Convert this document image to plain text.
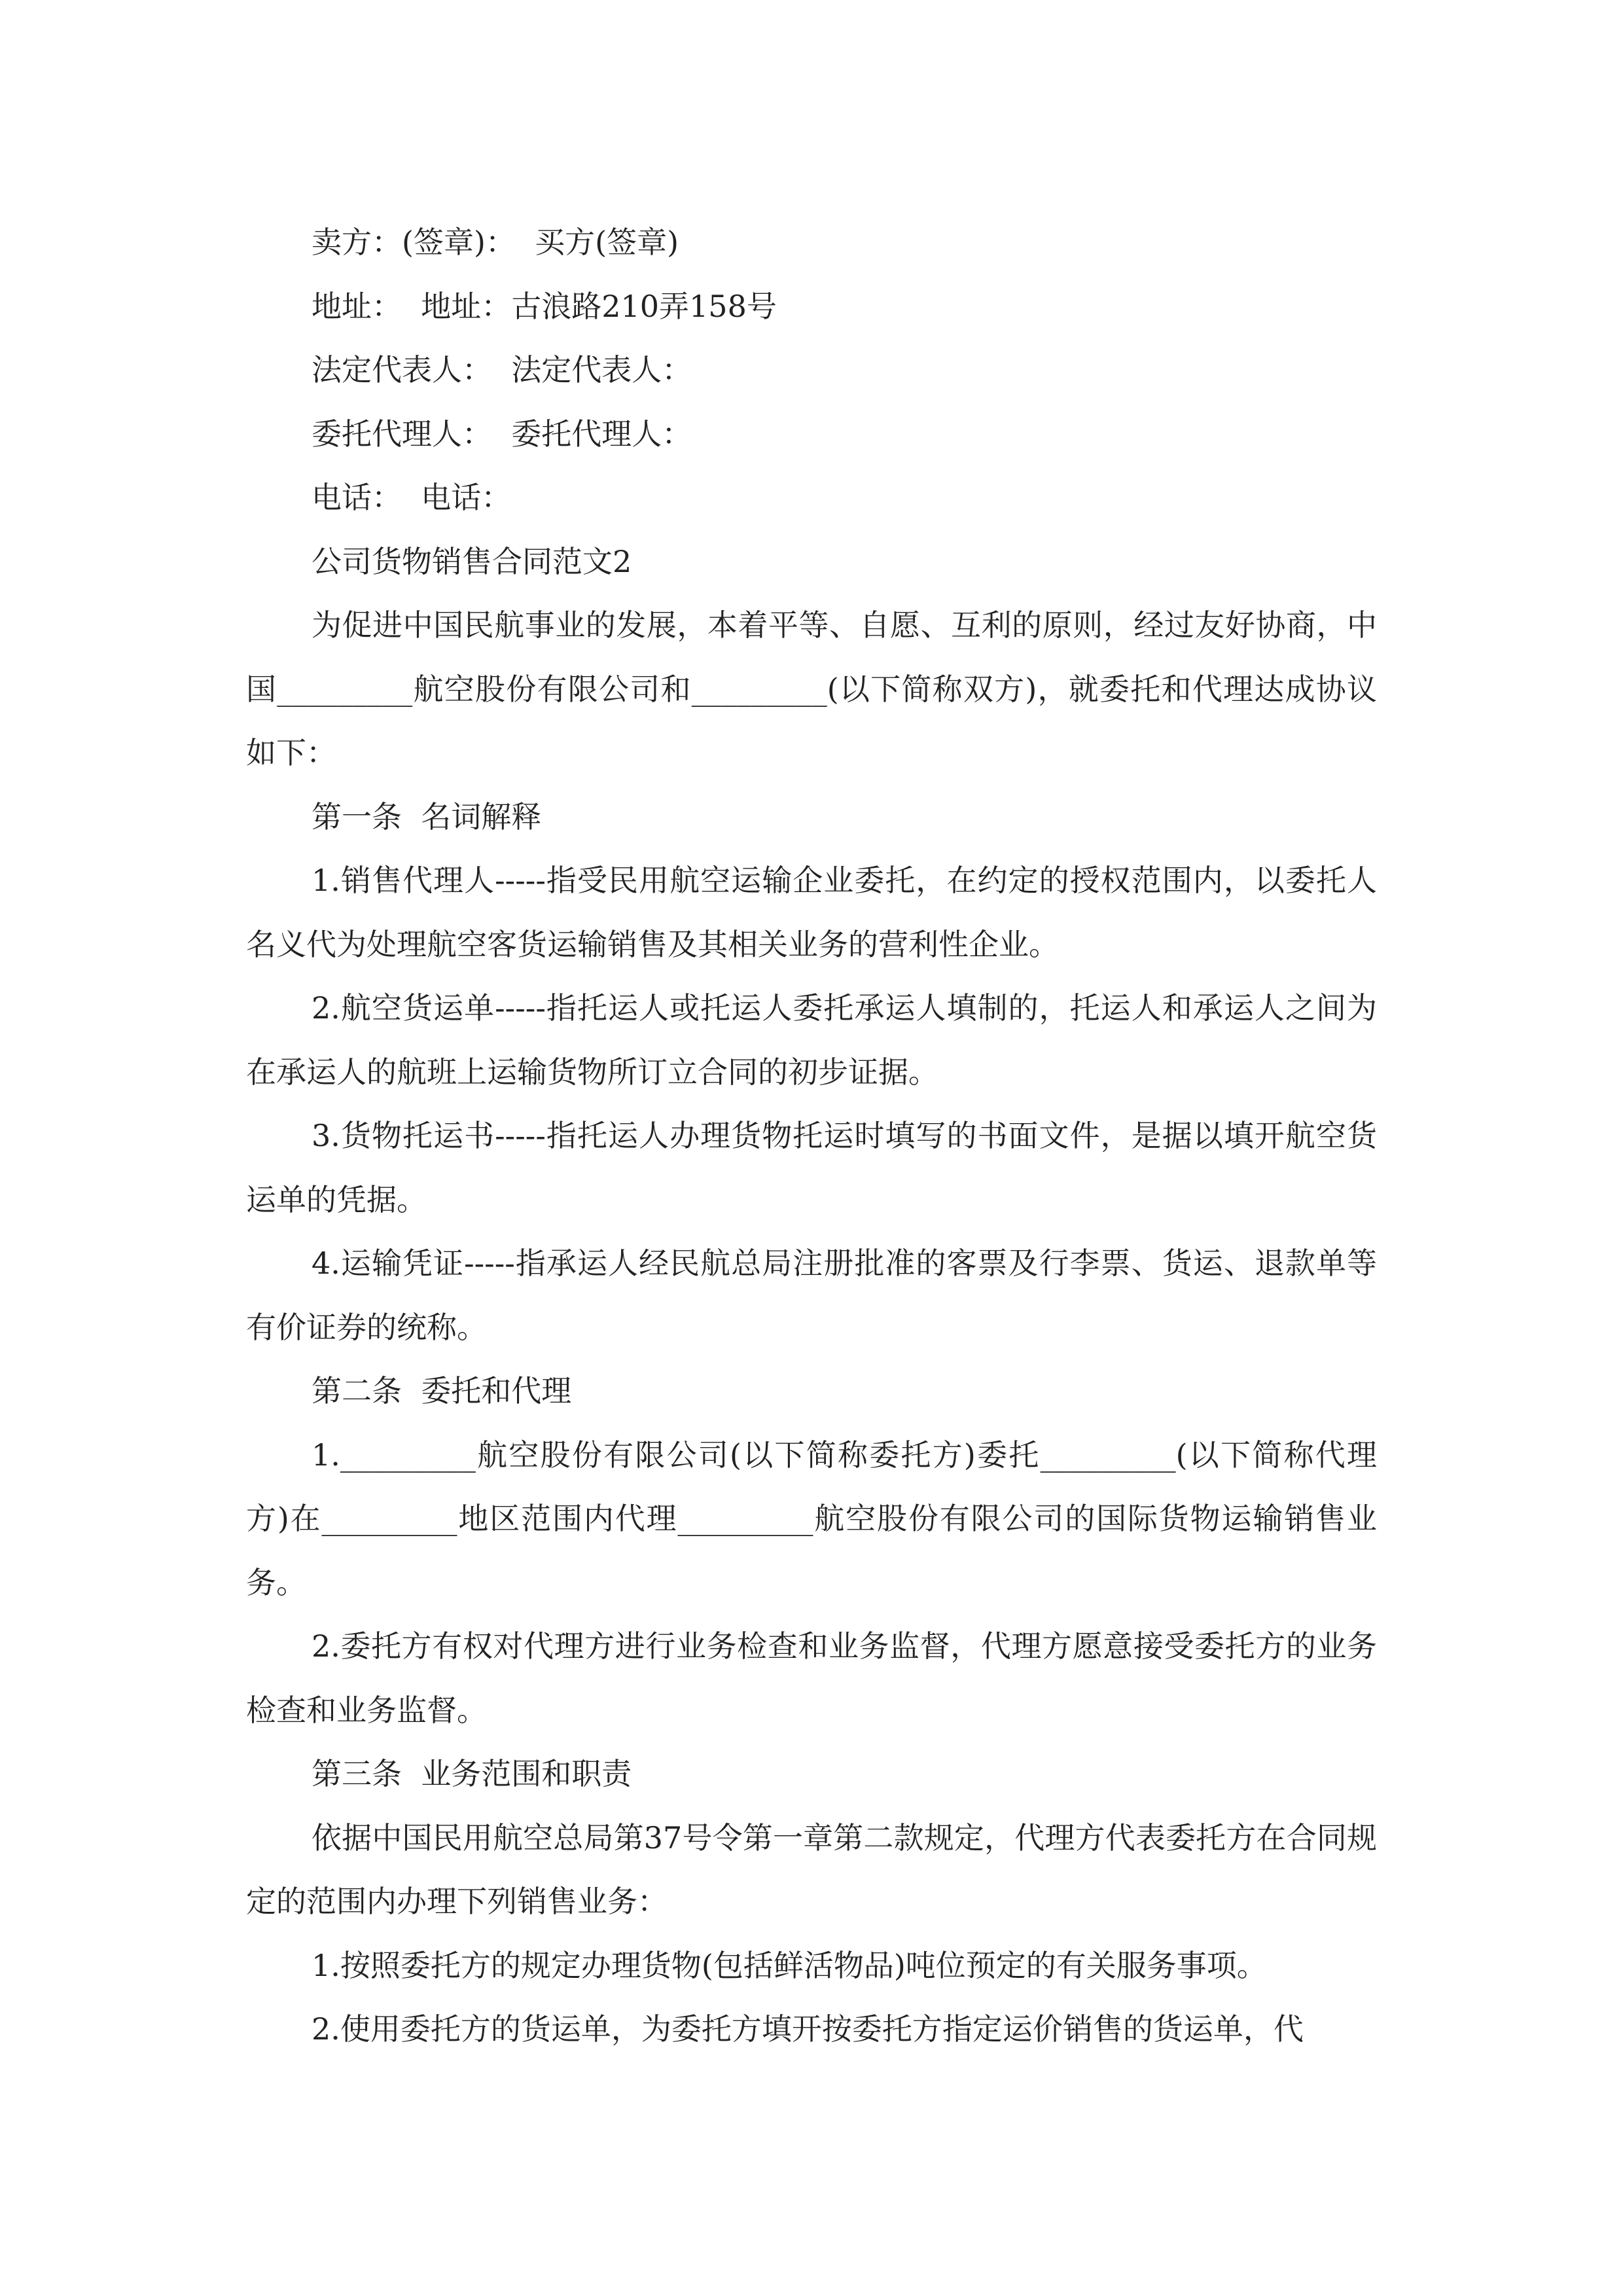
卖方：(签章)：  买方(签章)

地址：  地址：古浪路210弄158号

法定代表人：  法定代表人：

委托代理人：  委托代理人：

电话：  电话：

公司货物销售合同范文2

为促进中国民航事业的发展，本着平等、自愿、互利的原则，经过友好协商，中国_________航空股份有限公司和_________(以下简称双方)，就委托和代理达成协议如下：

第一条  名词解释

1.销售代理人-----指受民用航空运输企业委托，在约定的授权范围内，以委托人名义代为处理航空客货运输销售及其相关业务的营利性企业。

2.航空货运单-----指托运人或托运人委托承运人填制的，托运人和承运人之间为在承运人的航班上运输货物所订立合同的初步证据。

3.货物托运书-----指托运人办理货物托运时填写的书面文件，是据以填开航空货运单的凭据。

4.运输凭证-----指承运人经民航总局注册批准的客票及行李票、货运、退款单等有价证券的统称。

第二条  委托和代理

1._________航空股份有限公司(以下简称委托方)委托_________(以下简称代理方)在_________地区范围内代理_________航空股份有限公司的国际货物运输销售业务。

2.委托方有权对代理方进行业务检查和业务监督，代理方愿意接受委托方的业务检查和业务监督。

第三条  业务范围和职责

依据中国民用航空总局第37号令第一章第二款规定，代理方代表委托方在合同规定的范围内办理下列销售业务：

1.按照委托方的规定办理货物(包括鲜活物品)吨位预定的有关服务事项。

2.使用委托方的货运单，为委托方填开按委托方指定运价销售的货运单，代
